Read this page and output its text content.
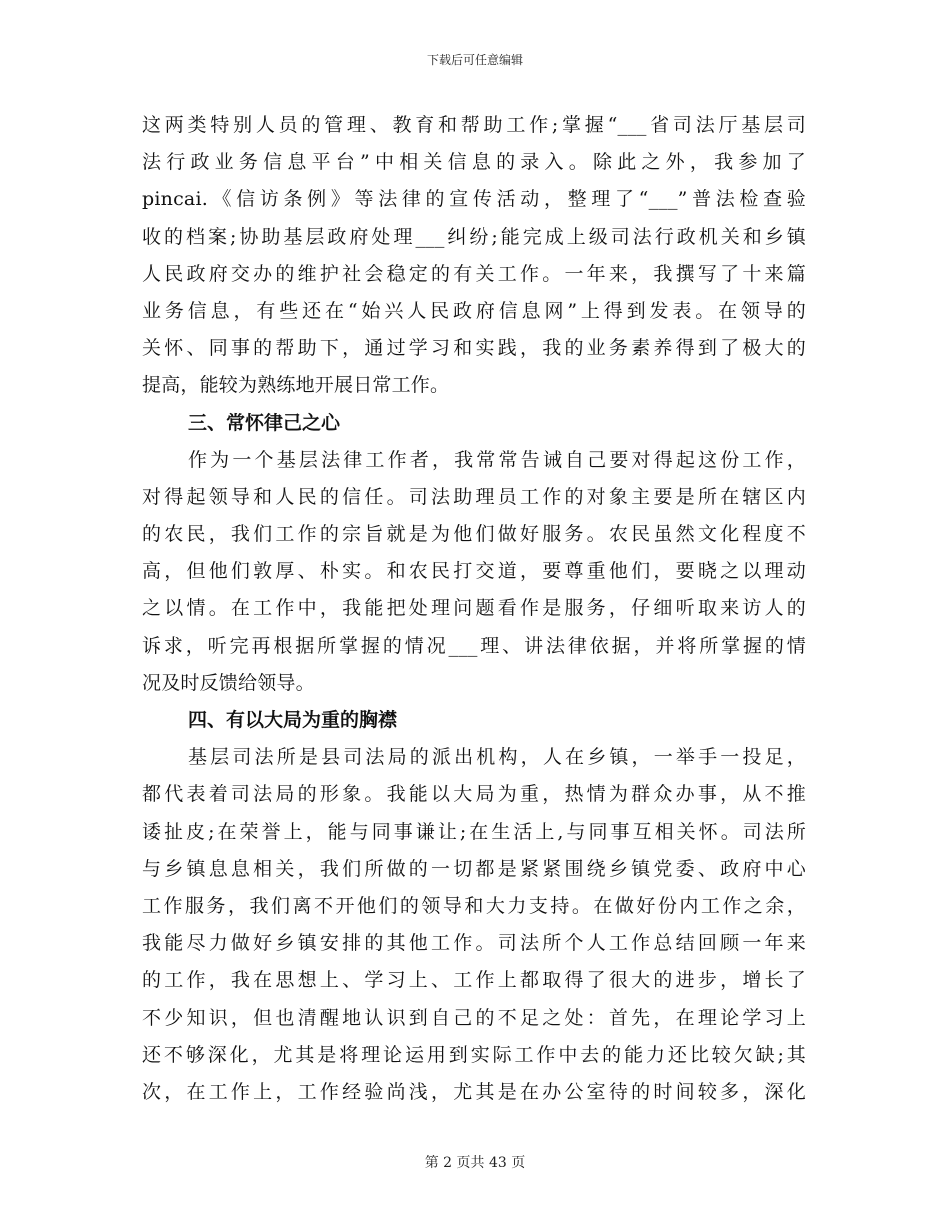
下载后可任意编辑
这两类特别人员的管理、教育和帮助工作;掌握“___省司法厅基层司
法行政业务信息平台”中相关信息的录入。除此之外，我参加了
pincai.《信访条例》等法律的宣传活动，整理了“___”普法检查验
收的档案;协助基层政府处理___纠纷;能完成上级司法行政机关和乡镇
人民政府交办的维护社会稳定的有关工作。一年来，我撰写了十来篇
业务信息，有些还在“始兴人民政府信息网”上得到发表。在领导的
关怀、同事的帮助下，通过学习和实践，我的业务素养得到了极大的
提高，能较为熟练地开展日常工作。
三、常怀律己之心
作为一个基层法律工作者，我常常告诫自己要对得起这份工作，
对得起领导和人民的信任。司法助理员工作的对象主要是所在辖区内
的农民，我们工作的宗旨就是为他们做好服务。农民虽然文化程度不
高，但他们敦厚、朴实。和农民打交道，要尊重他们，要晓之以理动
之以情。在工作中，我能把处理问题看作是服务，仔细听取来访人的
诉求，听完再根据所掌握的情况___理、讲法律依据，并将所掌握的情
况及时反馈给领导。
四、有以大局为重的胸襟
基层司法所是县司法局的派出机构，人在乡镇，一举手一投足，
都代表着司法局的形象。我能以大局为重，热情为群众办事，从不推
诿扯皮;在荣誉上，能与同事谦让;在生活上,与同事互相关怀。司法所
与乡镇息息相关，我们所做的一切都是紧紧围绕乡镇党委、政府中心
工作服务，我们离不开他们的领导和大力支持。在做好份内工作之余，
我能尽力做好乡镇安排的其他工作。司法所个人工作总结回顾一年来
的工作，我在思想上、学习上、工作上都取得了很大的进步，增长了
不少知识，但也清醒地认识到自己的不足之处：首先，在理论学习上
还不够深化，尤其是将理论运用到实际工作中去的能力还比较欠缺;其
次，在工作上，工作经验尚浅，尤其是在办公室待的时间较多，深化
第 2 页共 43 页
